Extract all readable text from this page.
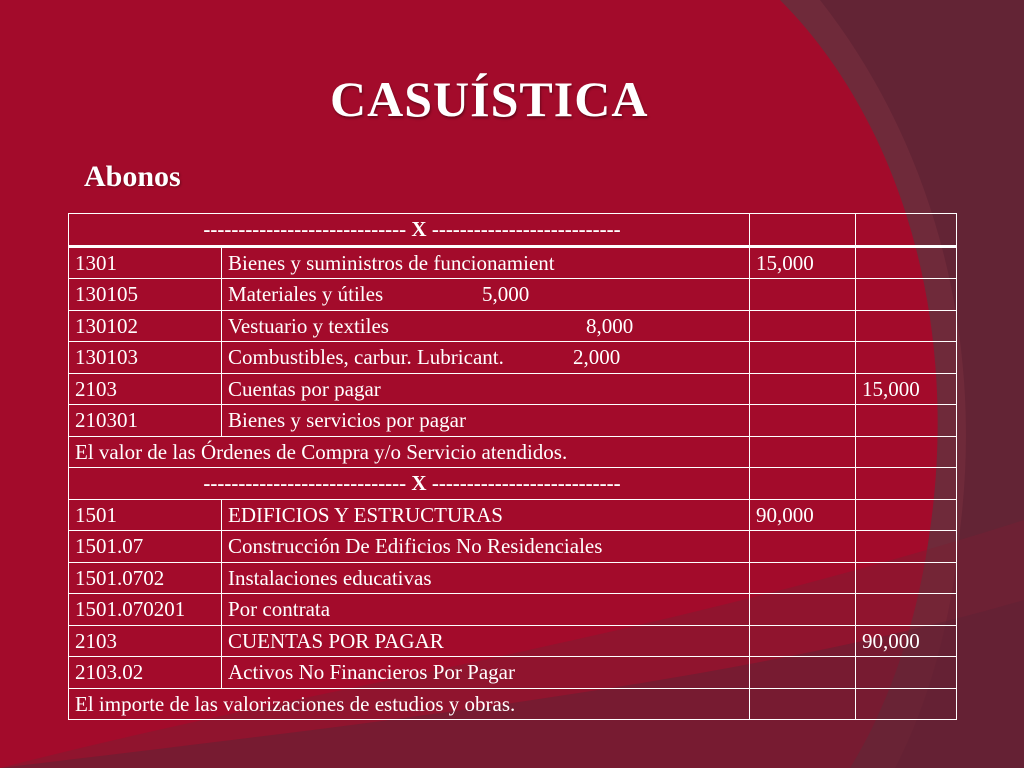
CASUÍSTICA
Abonos
----------------------------- X ---------------------------			
1301	Bienes y suministros de funcionamient	15,000	
130105	Materiales y útiles 5,000		

130102	Vestuario y textiles 8,000		

130103	Combustibles, carbur. Lubricant. 2,000		

2103	Cuentas por pagar		15,000
210301	Bienes y servicios por pagar		
El valor de las Órdenes de Compra y/o Servicio atendidos.			
----------------------------- X ---------------------------			
1501	EDIFICIOS Y ESTRUCTURAS	90,000	
1501.07	Construcción De Edificios No Residenciales		
1501.0702	Instalaciones educativas		
1501.070201	Por contrata		
2103	CUENTAS POR PAGAR		90,000
2103.02	Activos No Financieros Por Pagar		
El importe de las valorizaciones de estudios y obras.			
